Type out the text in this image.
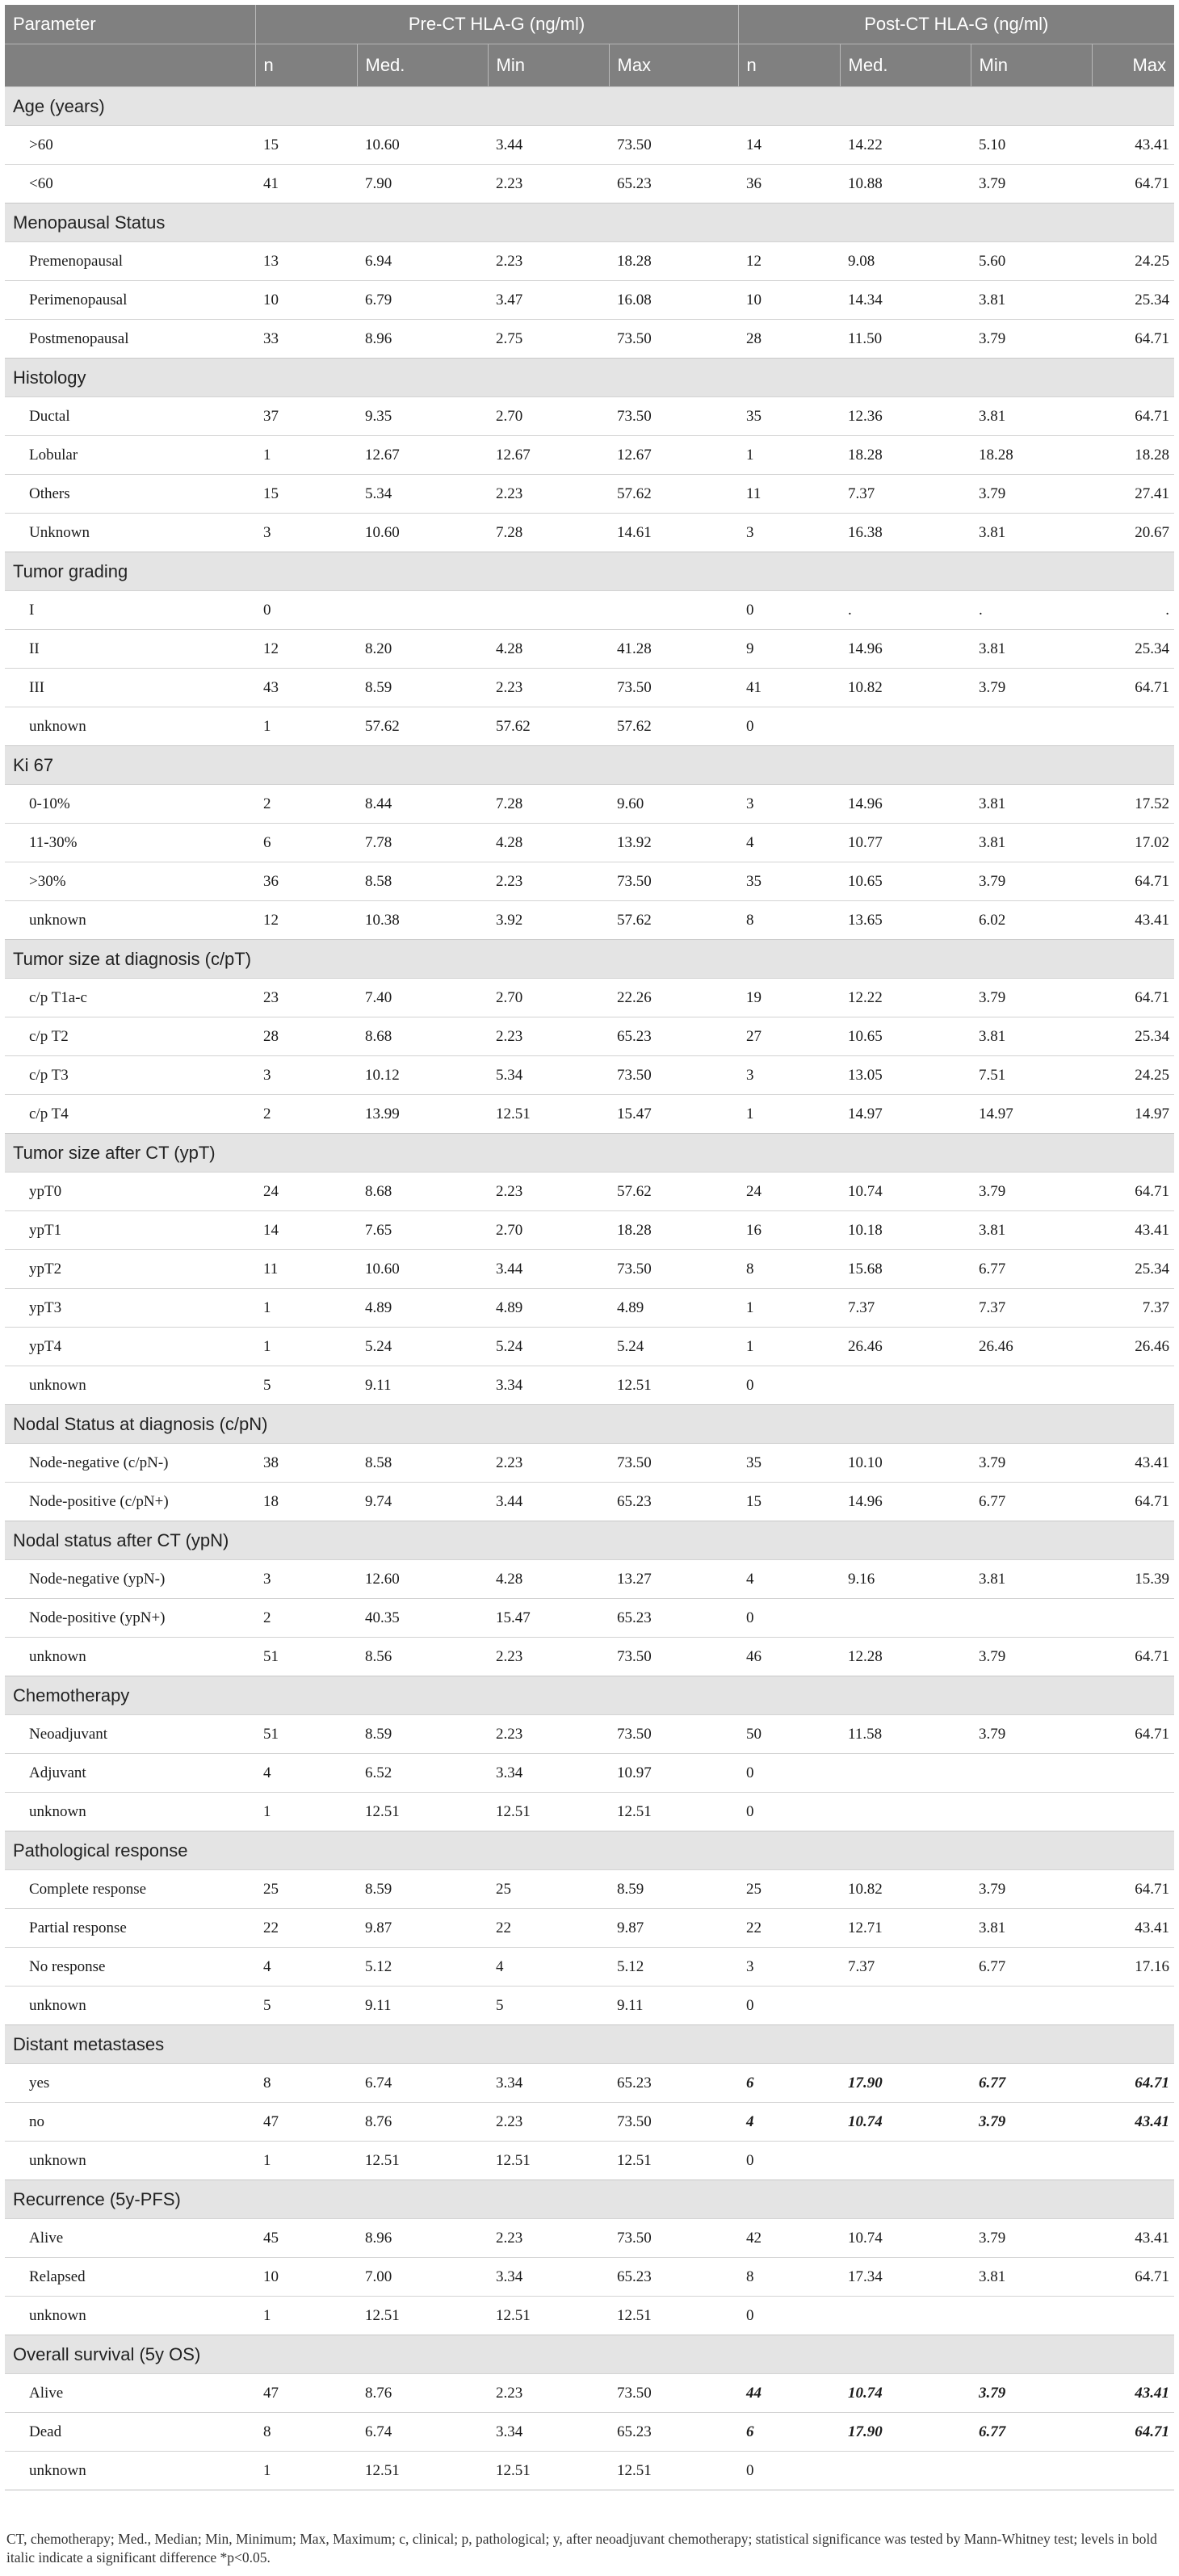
Parameter	Pre-CT HLA-G (ng/ml)				Post-CT HLA-G (ng/ml)			
	n	Med.	Min	Max	n	Med.	Min	Max
Age (years)								
>60	15	10.60	3.44	73.50	14	14.22	5.10	43.41
<60	41	7.90	2.23	65.23	36	10.88	3.79	64.71
Menopausal Status								
Premenopausal	13	6.94	2.23	18.28	12	9.08	5.60	24.25
Perimenopausal	10	6.79	3.47	16.08	10	14.34	3.81	25.34
Postmenopausal	33	8.96	2.75	73.50	28	11.50	3.79	64.71
Histology								
Ductal	37	9.35	2.70	73.50	35	12.36	3.81	64.71
Lobular	1	12.67	12.67	12.67	1	18.28	18.28	18.28
Others	15	5.34	2.23	57.62	11	7.37	3.79	27.41
Unknown	3	10.60	7.28	14.61	3	16.38	3.81	20.67
Tumor grading								
I	0				0	.	.	.
II	12	8.20	4.28	41.28	9	14.96	3.81	25.34
III	43	8.59	2.23	73.50	41	10.82	3.79	64.71
unknown	1	57.62	57.62	57.62	0			
Ki 67								
0-10%	2	8.44	7.28	9.60	3	14.96	3.81	17.52
11-30%	6	7.78	4.28	13.92	4	10.77	3.81	17.02
>30%	36	8.58	2.23	73.50	35	10.65	3.79	64.71
unknown	12	10.38	3.92	57.62	8	13.65	6.02	43.41
Tumor size at diagnosis (c/pT)								
c/p T1a-c	23	7.40	2.70	22.26	19	12.22	3.79	64.71
c/p T2	28	8.68	2.23	65.23	27	10.65	3.81	25.34
c/p T3	3	10.12	5.34	73.50	3	13.05	7.51	24.25
c/p T4	2	13.99	12.51	15.47	1	14.97	14.97	14.97
Tumor size after CT (ypT)								
ypT0	24	8.68	2.23	57.62	24	10.74	3.79	64.71
ypT1	14	7.65	2.70	18.28	16	10.18	3.81	43.41
ypT2	11	10.60	3.44	73.50	8	15.68	6.77	25.34
ypT3	1	4.89	4.89	4.89	1	7.37	7.37	7.37
ypT4	1	5.24	5.24	5.24	1	26.46	26.46	26.46
unknown	5	9.11	3.34	12.51	0			
Nodal Status at diagnosis (c/pN)								
Node-negative (c/pN-)	38	8.58	2.23	73.50	35	10.10	3.79	43.41
Node-positive (c/pN+)	18	9.74	3.44	65.23	15	14.96	6.77	64.71
Nodal status after CT (ypN)								
Node-negative (ypN-)	3	12.60	4.28	13.27	4	9.16	3.81	15.39
Node-positive (ypN+)	2	40.35	15.47	65.23	0			
unknown	51	8.56	2.23	73.50	46	12.28	3.79	64.71
Chemotherapy								
Neoadjuvant	51	8.59	2.23	73.50	50	11.58	3.79	64.71
Adjuvant	4	6.52	3.34	10.97	0			
unknown	1	12.51	12.51	12.51	0			
Pathological response								
Complete response	25	8.59	25	8.59	25	10.82	3.79	64.71
Partial response	22	9.87	22	9.87	22	12.71	3.81	43.41
No response	4	5.12	4	5.12	3	7.37	6.77	17.16
unknown	5	9.11	5	9.11	0			
Distant metastases								
yes	8	6.74	3.34	65.23	6	17.90	6.77	64.71
no	47	8.76	2.23	73.50	4	10.74	3.79	43.41
unknown	1	12.51	12.51	12.51	0			
Recurrence (5y-PFS)								
Alive	45	8.96	2.23	73.50	42	10.74	3.79	43.41
Relapsed	10	7.00	3.34	65.23	8	17.34	3.81	64.71
unknown	1	12.51	12.51	12.51	0			
Overall survival (5y OS)								
Alive	47	8.76	2.23	73.50	44	10.74	3.79	43.41
Dead	8	6.74	3.34	65.23	6	17.90	6.77	64.71
unknown	1	12.51	12.51	12.51	0			
CT, chemotherapy; Med., Median; Min, Minimum; Max, Maximum; c, clinical; p, pathological; y, after neoadjuvant chemotherapy; statistical significance was tested by Mann-Whitney test; levels in bold italic indicate a significant difference *p<0.05.
